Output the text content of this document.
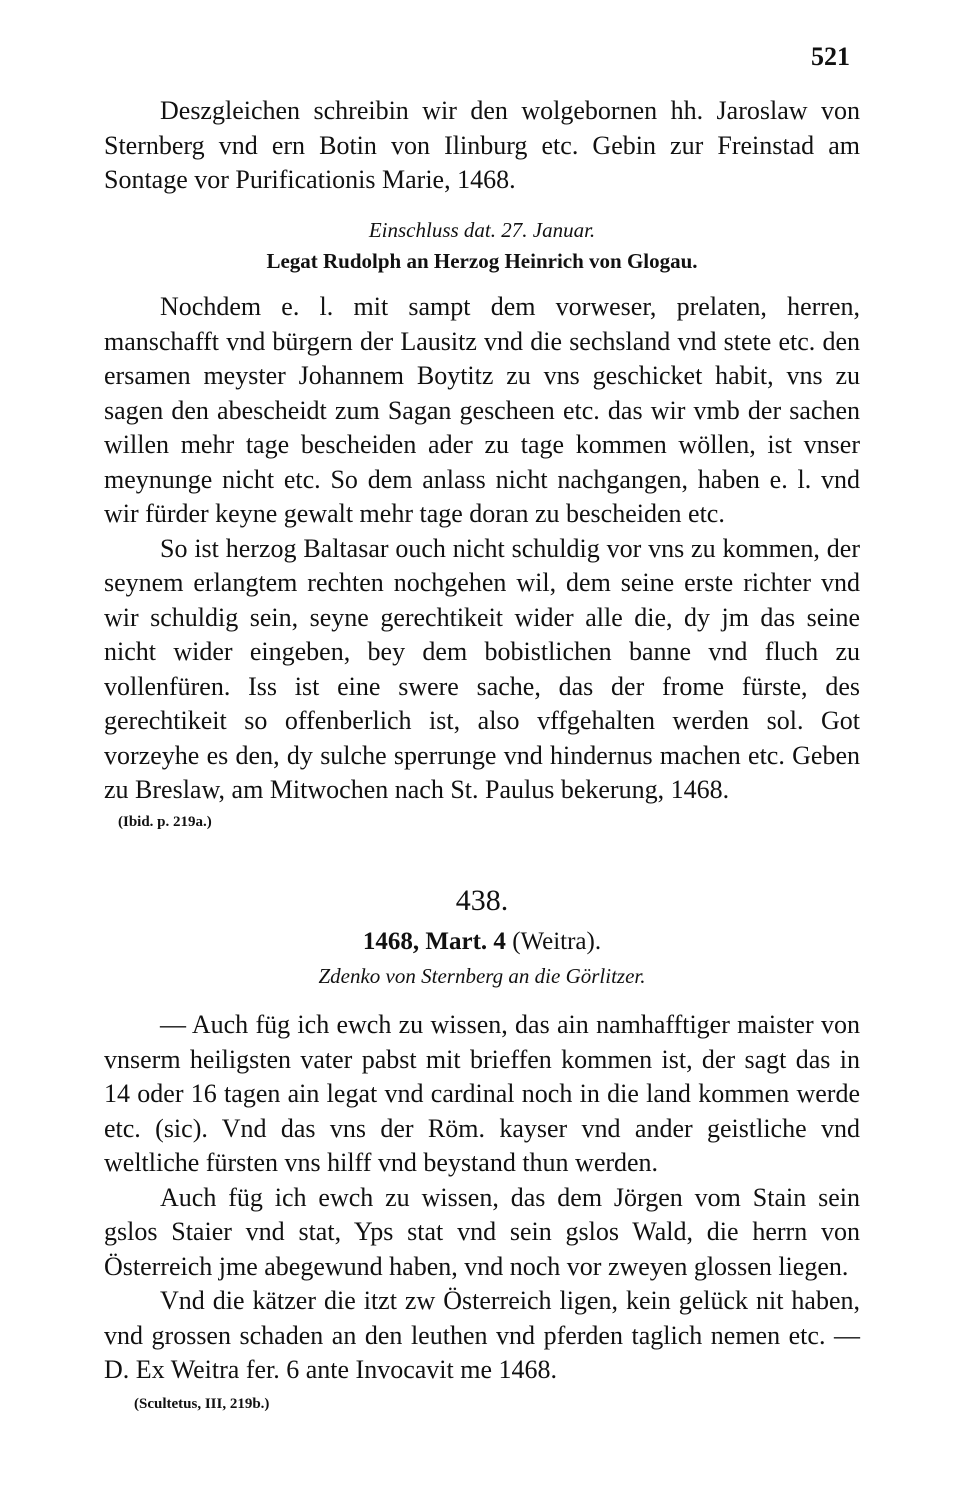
521

Deszgleichen schreibin wir den wolgebornen hh. Jaroslaw von Sternberg vnd ern Botin von Ilinburg etc. Gebin zur Freinstad am Sontage vor Purificationis Marie, 1468.

Einschluss dat. 27. Januar.

Legat Rudolph an Herzog Heinrich von Glogau.

Nochdem e. l. mit sampt dem vorweser, prelaten, herren, manschafft vnd bürgern der Lausitz vnd die sechsland vnd stete etc. den ersamen meyster Johannem Boytitz zu vns geschicket habit, vns zu sagen den abescheidt zum Sagan gescheen etc. das wir vmb der sachen willen mehr tage bescheiden ader zu tage kommen wöllen, ist vnser meynunge nicht etc. So dem anlass nicht nachgangen, haben e. l. vnd wir fürder keyne gewalt mehr tage doran zu bescheiden etc.

So ist herzog Baltasar ouch nicht schuldig vor vns zu kommen, der seynem erlangtem rechten nochgehen wil, dem seine erste richter vnd wir schuldig sein, seyne gerechtikeit wider alle die, dy jm das seine nicht wider eingeben, bey dem bobistlichen banne vnd fluch zu vollenfüren. Iss ist eine swere sache, das der frome fürste, des gerechtikeit so offenberlich ist, also vffgehalten werden sol. Got vorzeyhe es den, dy sulche sperrunge vnd hindernus machen etc. Geben zu Breslaw, am Mitwochen nach St. Paulus bekerung, 1468.

(Ibid. p. 219a.)

438.

1468, Mart. 4 (Weitra).

Zdenko von Sternberg an die Görlitzer.

— Auch füg ich ewch zu wissen, das ain namhafftiger maister von vnserm heiligsten vater pabst mit brieffen kommen ist, der sagt das in 14 oder 16 tagen ain legat vnd cardinal noch in die land kommen werde etc. (sic). Vnd das vns der Röm. kayser vnd ander geistliche vnd weltliche fürsten vns hilff vnd beystand thun werden.

Auch füg ich ewch zu wissen, das dem Jörgen vom Stain sein gslos Staier vnd stat, Yps stat vnd sein gslos Wald, die herrn von Österreich jme abegewund haben, vnd noch vor zweyen glossen liegen.

Vnd die kätzer die itzt zw Österreich ligen, kein gelück nit haben, vnd grossen schaden an den leuthen vnd pferden taglich nemen etc. — D. Ex Weitra fer. 6 ante Invocavit me 1468.

(Scultetus, III, 219b.)
